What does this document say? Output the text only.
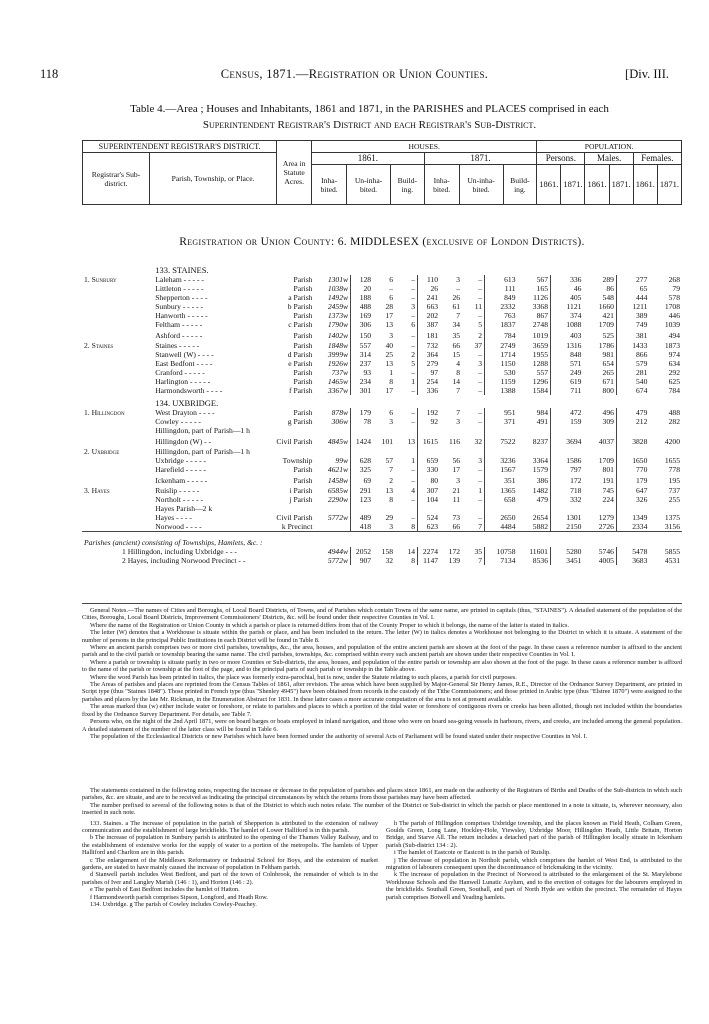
118	Census, 1871.—Registration or Union Counties.	[Div. III.
Table 4.—Area ; Houses and Inhabitants, 1861 and 1871, in the PARISHES and PLACES comprised in each
Superintendent Registrar's District and each Registrar's Sub-District.
SUPERINTENDENT REGISTRAR'S DISTRICT.		Area in Statute Acres.	HOUSES.						POPULATION.					
Registrar's Sub-district.	Parish, Township, or Place.		1861.			1871.			Persons.		Males.		Females.	
			Inha-bited.	Un-inha-bited.	Build-ing.	Inha-bited.	Un-inha-bited.	Build-ing.	1861.	1871.	1861.	1871.	1861.	1871.
Registration or Union County: 6. MIDDLESEX (exclusive of London Districts).
	133. STAINES.													
1. Sunbury	Laleham - - - - - Parish	1301w	128	6	–	110	3	–	613	567	336	289	277	268
	Littleton - - - - - Parish	1038w	20	–	–	26	–	–	111	165	46	86	65	79
	Shepperton - - - - a Parish	1492w	188	6	–	241	26	–	849	1126	405	548	444	578
	Sunbury - - - - - b Parish	2459w	488	28	3	663	61	11	2332	3368	1121	1660	1211	1708
	Hanworth - - - - - Parish	1373w	169	17	–	202	7	–	763	867	374	421	389	446
	Feltham - - - - - c Parish	1790w	306	13	6	387	34	5	1837	2748	1088	1709	749	1039
	Ashford - - - - - Parish	1402w	150	3	–	181	35	2	784	1019	403	525	381	494
2. Staines	Staines - - - - - Parish	1848w	557	40	–	732	66	37	2749	3659	1316	1786	1433	1873
	Stanwell (W) - - - - d Parish	3999w	314	25	2	364	15	–	1714	1955	848	981	866	974
	East Bedfont - - - - e Parish	1926w	237	13	5	279	4	3	1150	1288	571	654	579	634
	Cranford - - - - - Parish	737w	93	1	–	97	8	–	530	557	249	265	281	292
	Harlington - - - - - Parish	1465w	234	8	1	254	14	–	1159	1296	619	671	540	625
	Harmondsworth - - - - f Parish	3367w	301	17	–	336	7	–	1388	1584	711	800	674	784
	134. UXBRIDGE.													
1. Hillingdon	West Drayton - - - - Parish	878w	179	6	–	192	7	–	951	984	472	496	479	488
	Cowley - - - - - g Parish	306w	78	3	–	92	3	–	371	491	159	309	212	282
	Hillingdon, part of Parish—1 h

	Hillingdon (W) - - Civil Parish	4845w	1424	101	13	1615	116	32	7522	8237	3694	4037	3828	4200
2. Uxbridge	Hillingdon, part of Parish—1 h

	Uxbridge - - - - - Township	99w	628	57	1	659	56	3	3236	3364	1586	1709	1650	1655
	Harefield - - - - - Parish	4621w	325	7	–	330	17	–	1567	1579	797	801	770	778
	Ickenham - - - - - Parish	1458w	69	2	–	80	3	–	351	386	172	191	179	195
3. Hayes	Ruislip - - - - - i Parish	6585w	291	13	4	307	21	1	1365	1482	718	745	647	737
	Northolt - - - - - j Parish	2290w	123	8	–	104	11	–	658	479	332	224	326	255
	Hayes Parish—2 k

	Hayes - - - - Civil Parish	5772w	489	29	–	524	73	–	2650	2654	1301	1279	1349	1375
	Norwood - - - - k Precinct		418	3	8	623	66	7	4484	5882	2150	2726	2334	3156
Parishes (ancient) consisting of Townships, Hamlets, &c. :														
1 Hillingdon, including Uxbridge - - -		4944w	2052	158	14	2274	172	35	10758	11601	5280	5746	5478	5855
2 Hayes, including Norwood Precinct - -		5772w	907	32	8	1147	139	7	7134	8536	3451	4005	3683	4531

General Notes.—The names of Cities and Boroughs, of Local Board Districts, of Towns, and of Parishes which contain Towns of the same name, are printed in capitals (thus, "STAINES"). A detailed statement of the population of the Cities, Boroughs, Local Board Districts, Improvement Commissioners' Districts, &c. will be found under their respective Counties in Vol. I.

Where the name of the Registration or Union County in which a parish or place is returned differs from that of the County Proper to which it belongs, the name of the latter is stated in italics.

The letter (W) denotes that a Workhouse is situate within the parish or place, and has been included in the return. The letter (W) in italics denotes a Workhouse not belonging to the District in which it is situate. A statement of the number of persons in the principal Public Institutions in each District will be found in Table 8.

Where an ancient parish comprises two or more civil parishes, townships, &c., the area, houses, and population of the entire ancient parish are shown at the foot of the page. In these cases a reference number is affixed to the ancient parish and to the civil parish or township bearing the same name. The civil parishes, townships, &c. comprised within every such ancient parish are shown under their respective Counties in Vol. I.

Where a parish or township is situate partly in two or more Counties or Sub-districts, the area, houses, and population of the entire parish or township are also shown at the foot of the page. In these cases a reference number is affixed to the name of the parish or township at the foot of the page, and to the principal parts of such parish or township in the Table above.

Where the word Parish has been printed in italics, the place was formerly extra-parochial, but is now, under the Statute relating to such places, a parish for civil purposes.

The Areas of parishes and places are reprinted from the Census Tables of 1861, after revision. The areas which have been supplied by Major-General Sir Henry James, R.E., Director of the Ordnance Survey Department, are printed in Script type (thus "Staines 1848"). Those printed in French type (thus "Shenley 4945") have been obtained from records in the custody of the Tithe Commissioners; and those printed in Arabic type (thus "Elstree 1870") were assigned to the parishes and places by the late Mr. Rickman, in the Enumeration Abstract for 1831. In these latter cases a more accurate computation of the area is not at present available.

The areas marked thus (w) either include water or foreshore, or relate to parishes and places to which a portion of the tidal water or foreshore of contiguous rivers or creeks has been allotted, though not included within the boundaries fixed by the Ordnance Survey Department. For details, see Table 7.

Persons who, on the night of the 2nd April 1871, were on board barges or boats employed in inland navigation, and those who were on board sea-going vessels in harbours, rivers, and creeks, are included among the general population. A detailed statement of the number of the latter class will be found in Table 6.

The population of the Ecclesiastical Districts or new Parishes which have been formed under the authority of several Acts of Parliament will be found stated under their respective Counties in Vol. I.

The statements contained in the following notes, respecting the increase or decrease in the population of parishes and places since 1861, are made on the authority of the Registrars of Births and Deaths of the Sub-districts in which such parishes, &c. are situate, and are to be received as indicating the principal circumstances by which the returns from those parishes may have been affected.

The number prefixed to several of the following notes is that of the District to which such notes relate. The number of the District or Sub-district in which the parish or place mentioned in a note is situate, is, wherever necessary, also inserted in such note.

133. Staines. a The increase of population in the parish of Shepperton is attributed to the extension of railway communication and the establishment of large brickfields. The hamlet of Lower Halliford is in this parish.

b The increase of population in Sunbury parish is attributed to the opening of the Thames Valley Railway, and to the establishment of extensive works for the supply of water to a portion of the metropolis. The hamlets of Upper Halliford and Charlton are in this parish.

c The enlargement of the Middlesex Reformatory or Industrial School for Boys, and the extension of market gardens, are stated to have mainly caused the increase of population in Feltham parish.

d Stanwell parish includes West Bedfont, and part of the town of Colnbrook, the remainder of which is in the parishes of Iver and Langley Marish (146 : 1), and Horton (146 : 2).

e The parish of East Bedfont includes the hamlet of Hatton.

f Harmondsworth parish comprises Sipson, Longford, and Heath Row.

134. Uxbridge. g The parish of Cowley includes Cowley-Peachey.

h The parish of Hillingdon comprises Uxbridge township, and the places known as Field Heath, Colham Green, Goulds Green, Long Lane, Hockley-Hole, Yiewsley, Uxbridge Moor, Hillingdon Heath, Little Britain, Horton Bridge, and Starve All. The return includes a detached part of the parish of Hillingdon locally situate in Ickenham parish (Sub-district 134 : 2).

i The hamlet of Eastcote or Eastcott is in the parish of Ruislip.

j The decrease of population in Northolt parish, which comprises the hamlet of West End, is attributed to the migration of labourers consequent upon the discontinuance of brickmaking in the vicinity.

k The increase of population in the Precinct of Norwood is attributed to the enlargement of the St. Marylebone Workhouse Schools and the Hanwell Lunatic Asylum, and to the erection of cottages for the labourers employed in the brickfields. Southall Green, Southall, and part of North Hyde are within the precinct. The remainder of Hayes parish comprises Botwell and Yeading hamlets.
